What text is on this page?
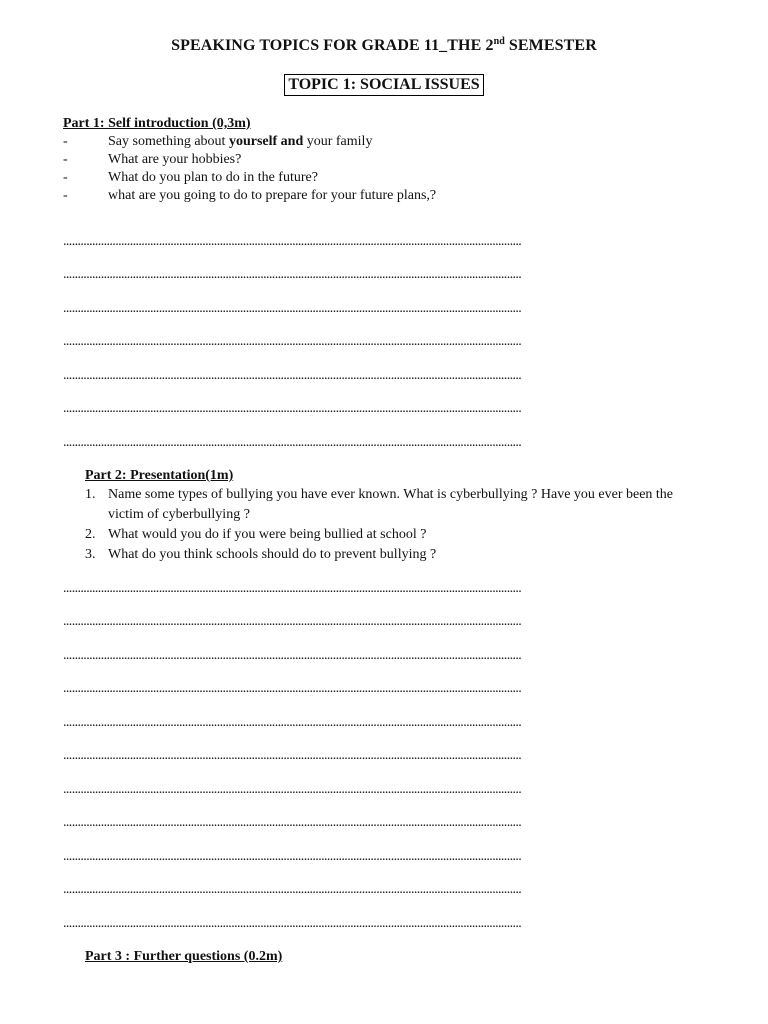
SPEAKING TOPICS FOR GRADE 11_THE 2nd SEMESTER
TOPIC 1: SOCIAL ISSUES
Part 1: Self introduction (0,3m)
-	Say something about yourself and your family
-	What are your hobbies?
-	What do you plan to do in the future?
-	what are you going to do to prepare for your future plans,?
..............................................................................................................................................................
..............................................................................................................................................................
..............................................................................................................................................................
..............................................................................................................................................................
..............................................................................................................................................................
..............................................................................................................................................................
..............................................................................................................................................................
Part 2: Presentation(1m)
1. Name some types of bullying you have ever known. What is cyberbullying ? Have you ever been the victim of cyberbullying ?
2. What would you do if you were being bullied at school ?
3. What do you think schools should do to prevent bullying ?
..............................................................................................................................................................
..............................................................................................................................................................
..............................................................................................................................................................
..............................................................................................................................................................
..............................................................................................................................................................
..............................................................................................................................................................
..............................................................................................................................................................
..............................................................................................................................................................
..............................................................................................................................................................
..............................................................................................................................................................
..............................................................................................................................................................
Part 3 : Further questions (0.2m)
